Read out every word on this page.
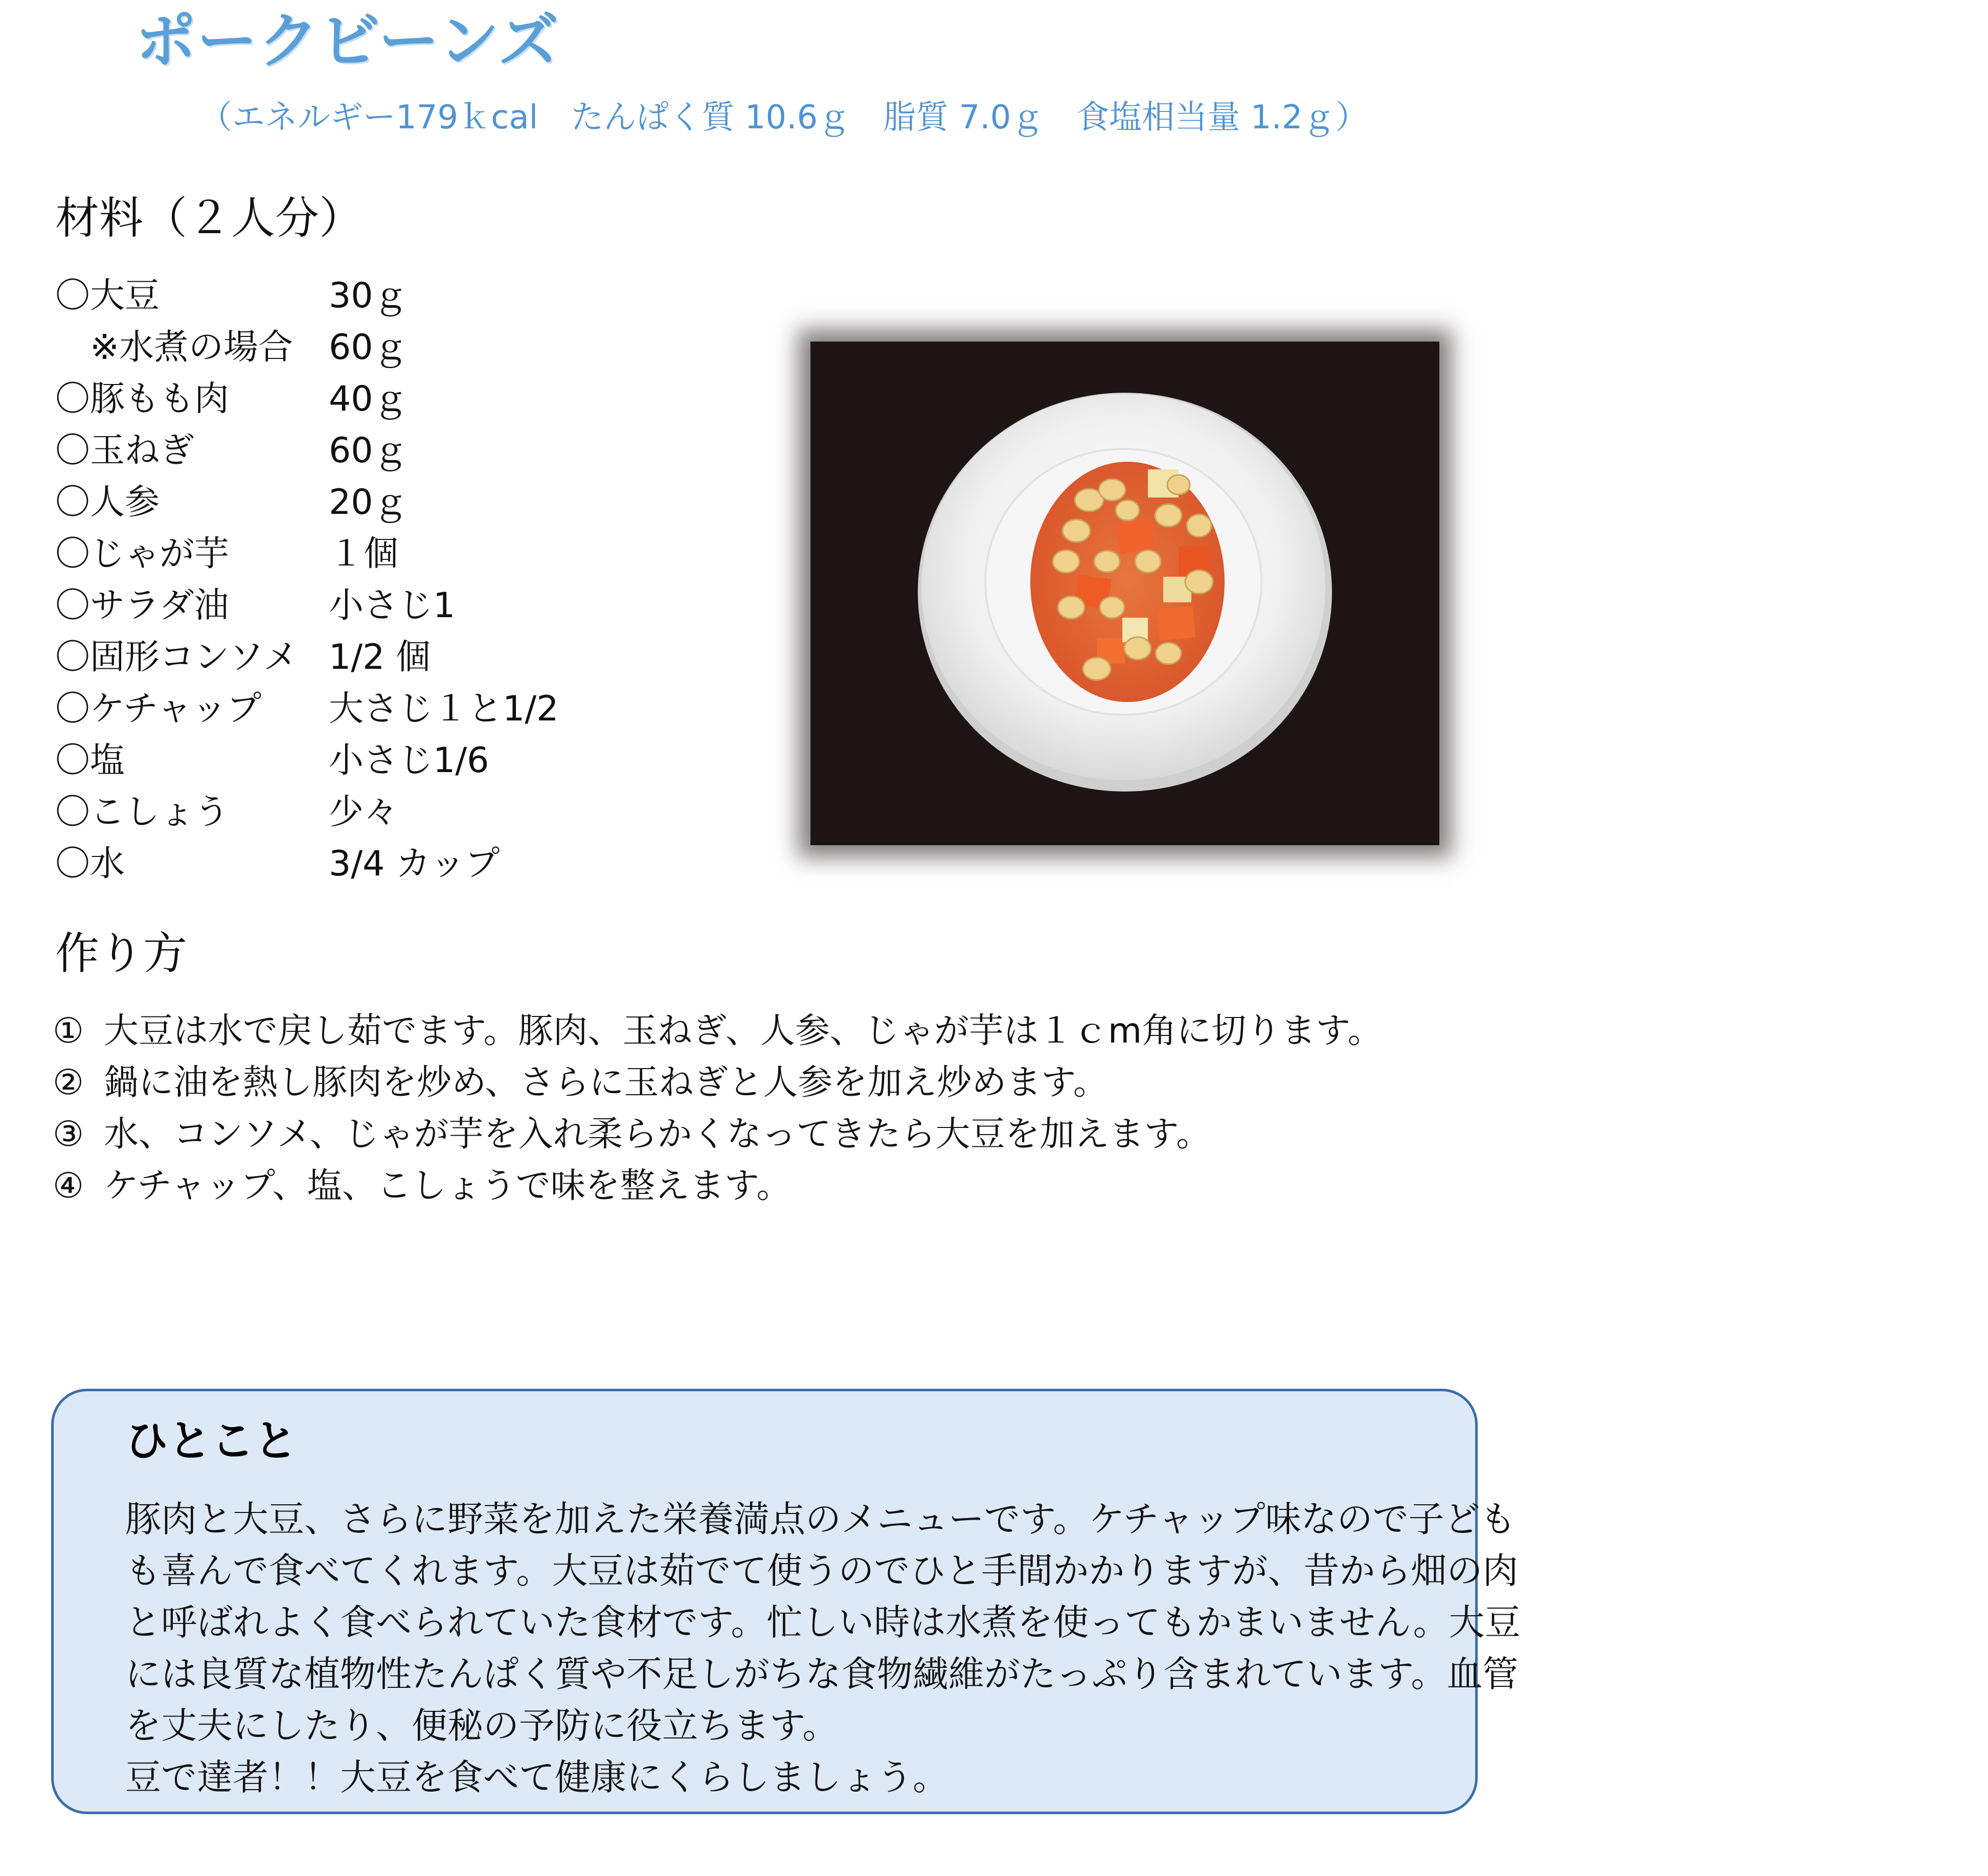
ポークビーンズ
（エネルギー179ｋcal　たんぱく質 10.6ｇ　脂質 7.0ｇ　食塩相当量 1.2ｇ）
材料（２人分）
〇大豆	30ｇ
　※水煮の場合 60ｇ
〇豚もも肉	40ｇ
〇玉ねぎ	60ｇ
〇人参	20ｇ
〇じゃが芋	１個
〇サラダ油	小さじ1
〇固形コンソメ 1/2 個
〇ケチャップ 大さじ１と1/2
〇塩	小さじ1/6
〇こしょう	少々
〇水	3/4 カップ
作り方
① 大豆は水で戻し茹でます。豚肉、玉ねぎ、人参、じゃが芋は１ｃm角に切ります。
② 鍋に油を熱し豚肉を炒め、さらに玉ねぎと人参を加え炒めます。
③ 水、コンソメ、じゃが芋を入れ柔らかくなってきたら大豆を加えます。
④ ケチャップ、塩、こしょうで味を整えます。
ひとこと
豚肉と大豆、さらに野菜を加えた栄養満点のメニューです。ケチャップ味なので子ども
も喜んで食べてくれます。大豆は茹でて使うのでひと手間かかりますが、昔から畑の肉
と呼ばれよく食べられていた食材です。忙しい時は水煮を使ってもかまいません。大豆
には良質な植物性たんぱく質や不足しがちな食物繊維がたっぷり含まれています。血管
を丈夫にしたり、便秘の予防に役立ちます。
豆で達者！！大豆を食べて健康にくらしましょう。
